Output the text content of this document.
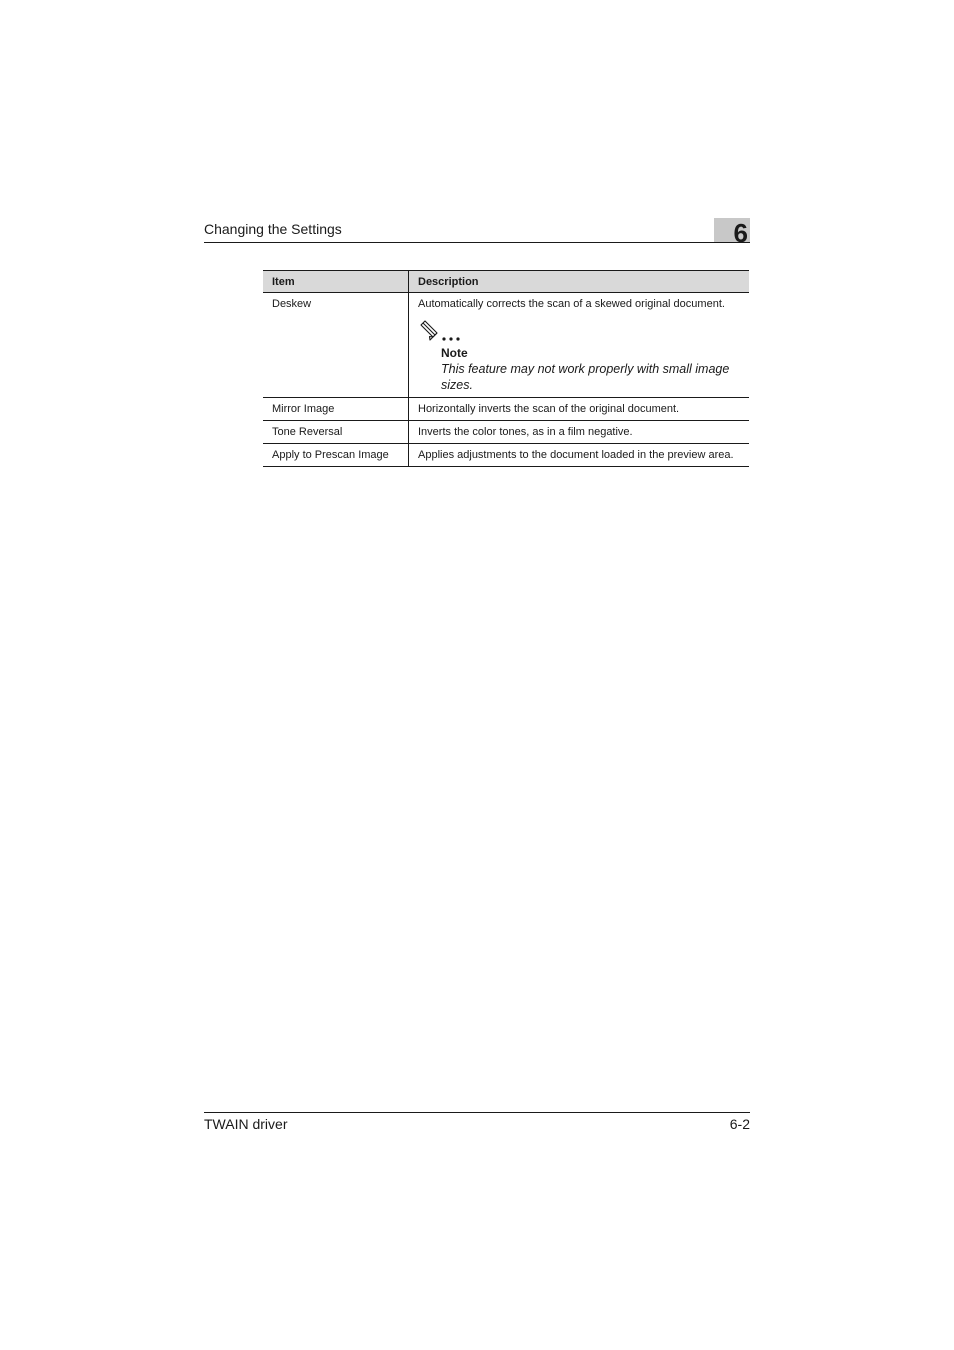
Changing the Settings	6
Item	Description
Deskew	Automatically corrects the scan of a skewed original document.
Note
This feature may not work properly with small image sizes.

Mirror Image	Horizontally inverts the scan of the original document.
Tone Reversal	Inverts the color tones, as in a film negative.
Apply to Prescan Image	Applies adjustments to the document loaded in the preview area.
TWAIN driver	6-2
